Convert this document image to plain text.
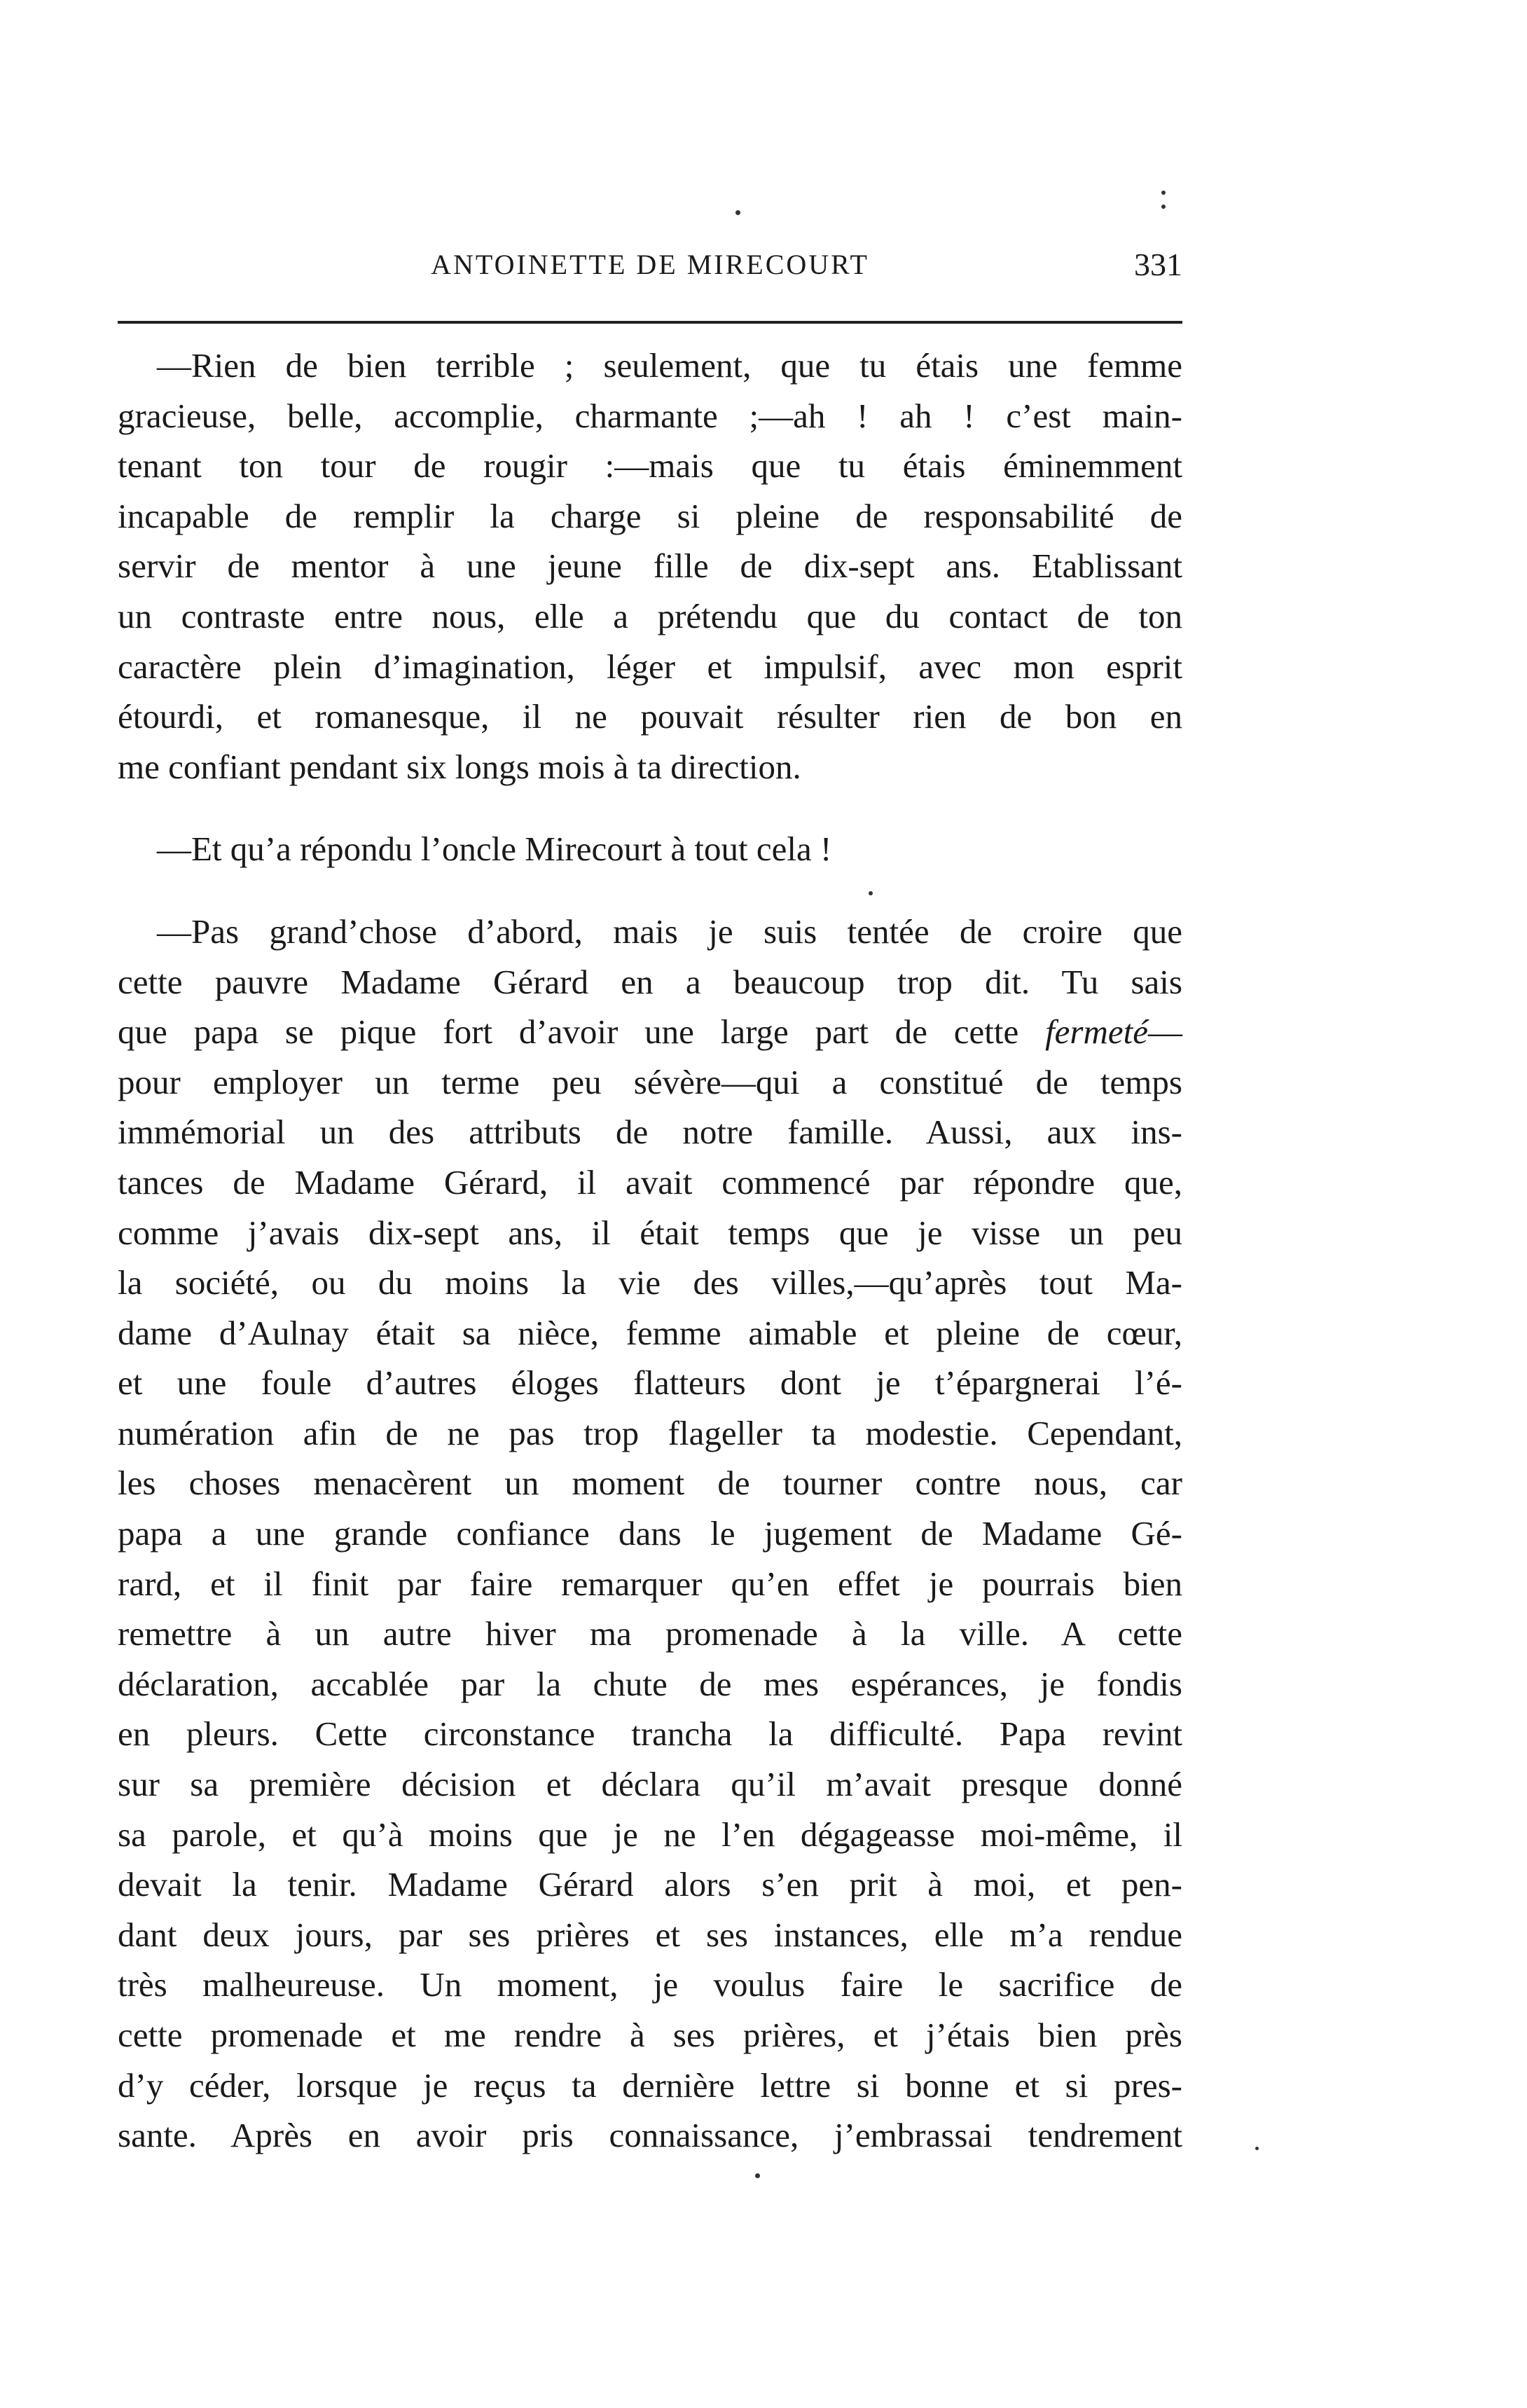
ANTOINETTE DE MIRECOURT	331

—Rien de bien terrible ; seulement, que tu étais une femme
gracieuse, belle, accomplie, charmante ;—ah ! ah ! c’est main-
tenant ton tour de rougir :—mais que tu étais éminemment
incapable de remplir la charge si pleine de responsabilité de
servir de mentor à une jeune fille de dix-sept ans. Etablissant
un contraste entre nous, elle a prétendu que du contact de ton
caractère plein d’imagination, léger et impulsif, avec mon esprit
étourdi, et romanesque, il ne pouvait résulter rien de bon en
me confiant pendant six longs mois à ta direction.

—Et qu’a répondu l’oncle Mirecourt à tout cela !

—Pas grand’chose d’abord, mais je suis tentée de croire que
cette pauvre Madame Gérard en a beaucoup trop dit. Tu sais
que papa se pique fort d’avoir une large part de cette fermeté—
pour employer un terme peu sévère—qui a constitué de temps
immémorial un des attributs de notre famille. Aussi, aux ins-
tances de Madame Gérard, il avait commencé par répondre que,
comme j’avais dix-sept ans, il était temps que je visse un peu
la société, ou du moins la vie des villes,—qu’après tout Ma-
dame d’Aulnay était sa nièce, femme aimable et pleine de cœur,
et une foule d’autres éloges flatteurs dont je t’épargnerai l’é-
numération afin de ne pas trop flageller ta modestie. Cependant,
les choses menacèrent un moment de tourner contre nous, car
papa a une grande confiance dans le jugement de Madame Gé-
rard, et il finit par faire remarquer qu’en effet je pourrais bien
remettre à un autre hiver ma promenade à la ville. A cette
déclaration, accablée par la chute de mes espérances, je fondis
en pleurs. Cette circonstance trancha la difficulté. Papa revint
sur sa première décision et déclara qu’il m’avait presque donné
sa parole, et qu’à moins que je ne l’en dégageasse moi-même, il
devait la tenir. Madame Gérard alors s’en prit à moi, et pen-
dant deux jours, par ses prières et ses instances, elle m’a rendue
très malheureuse. Un moment, je voulus faire le sacrifice de
cette promenade et me rendre à ses prières, et j’étais bien près
d’y céder, lorsque je reçus ta dernière lettre si bonne et si pres-
sante. Après en avoir pris connaissance, j’embrassai tendrement
